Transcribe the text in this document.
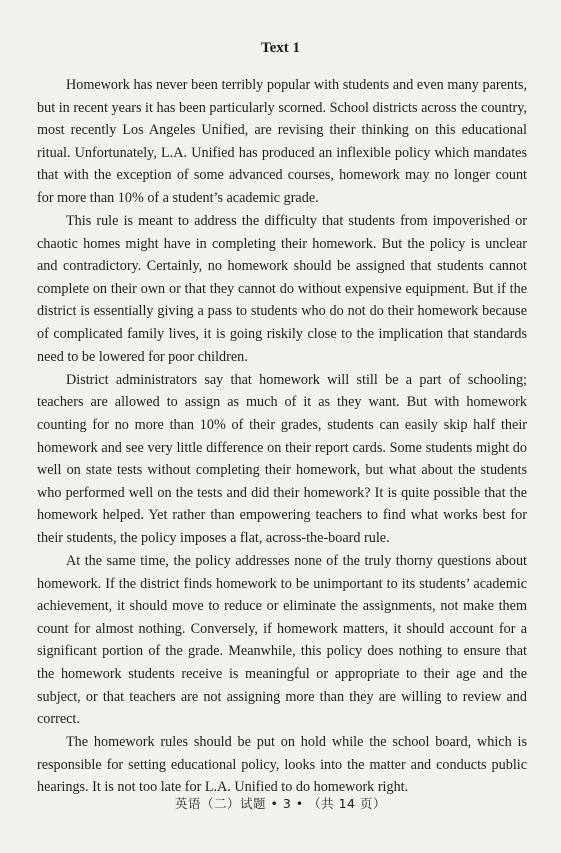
Text 1

Homework has never been terribly popular with students and even many parents, but in recent years it has been particularly scorned. School districts across the country, most recently Los Angeles Unified, are revising their thinking on this educational ritual. Unfortunately, L.A. Unified has produced an inflexible policy which mandates that with the exception of some advanced courses, homework may no longer count for more than 10% of a student’s academic grade.

This rule is meant to address the difficulty that students from impoverished or chaotic homes might have in completing their homework. But the policy is unclear and contradictory. Certainly, no homework should be assigned that students cannot complete on their own or that they cannot do without expensive equipment. But if the district is essentially giving a pass to students who do not do their homework because of complicated family lives, it is going riskily close to the implication that standards need to be lowered for poor children.

District administrators say that homework will still be a part of schooling; teachers are allowed to assign as much of it as they want. But with homework counting for no more than 10% of their grades, students can easily skip half their homework and see very little difference on their report cards. Some students might do well on state tests without completing their homework, but what about the students who performed well on the tests and did their homework? It is quite possible that the homework helped. Yet rather than empowering teachers to find what works best for their students, the policy imposes a flat, across-the-board rule.

At the same time, the policy addresses none of the truly thorny questions about homework. If the district finds homework to be unimportant to its students’ academic achievement, it should move to reduce or eliminate the assignments, not make them count for almost nothing. Conversely, if homework matters, it should account for a significant portion of the grade. Meanwhile, this policy does nothing to ensure that the homework students receive is meaningful or appropriate to their age and the subject, or that teachers are not assigning more than they are willing to review and correct.

The homework rules should be put on hold while the school board, which is responsible for setting educational policy, looks into the matter and conducts public hearings. It is not too late for L.A. Unified to do homework right.

英语（二）试题 • 3 • （共 14 页）
